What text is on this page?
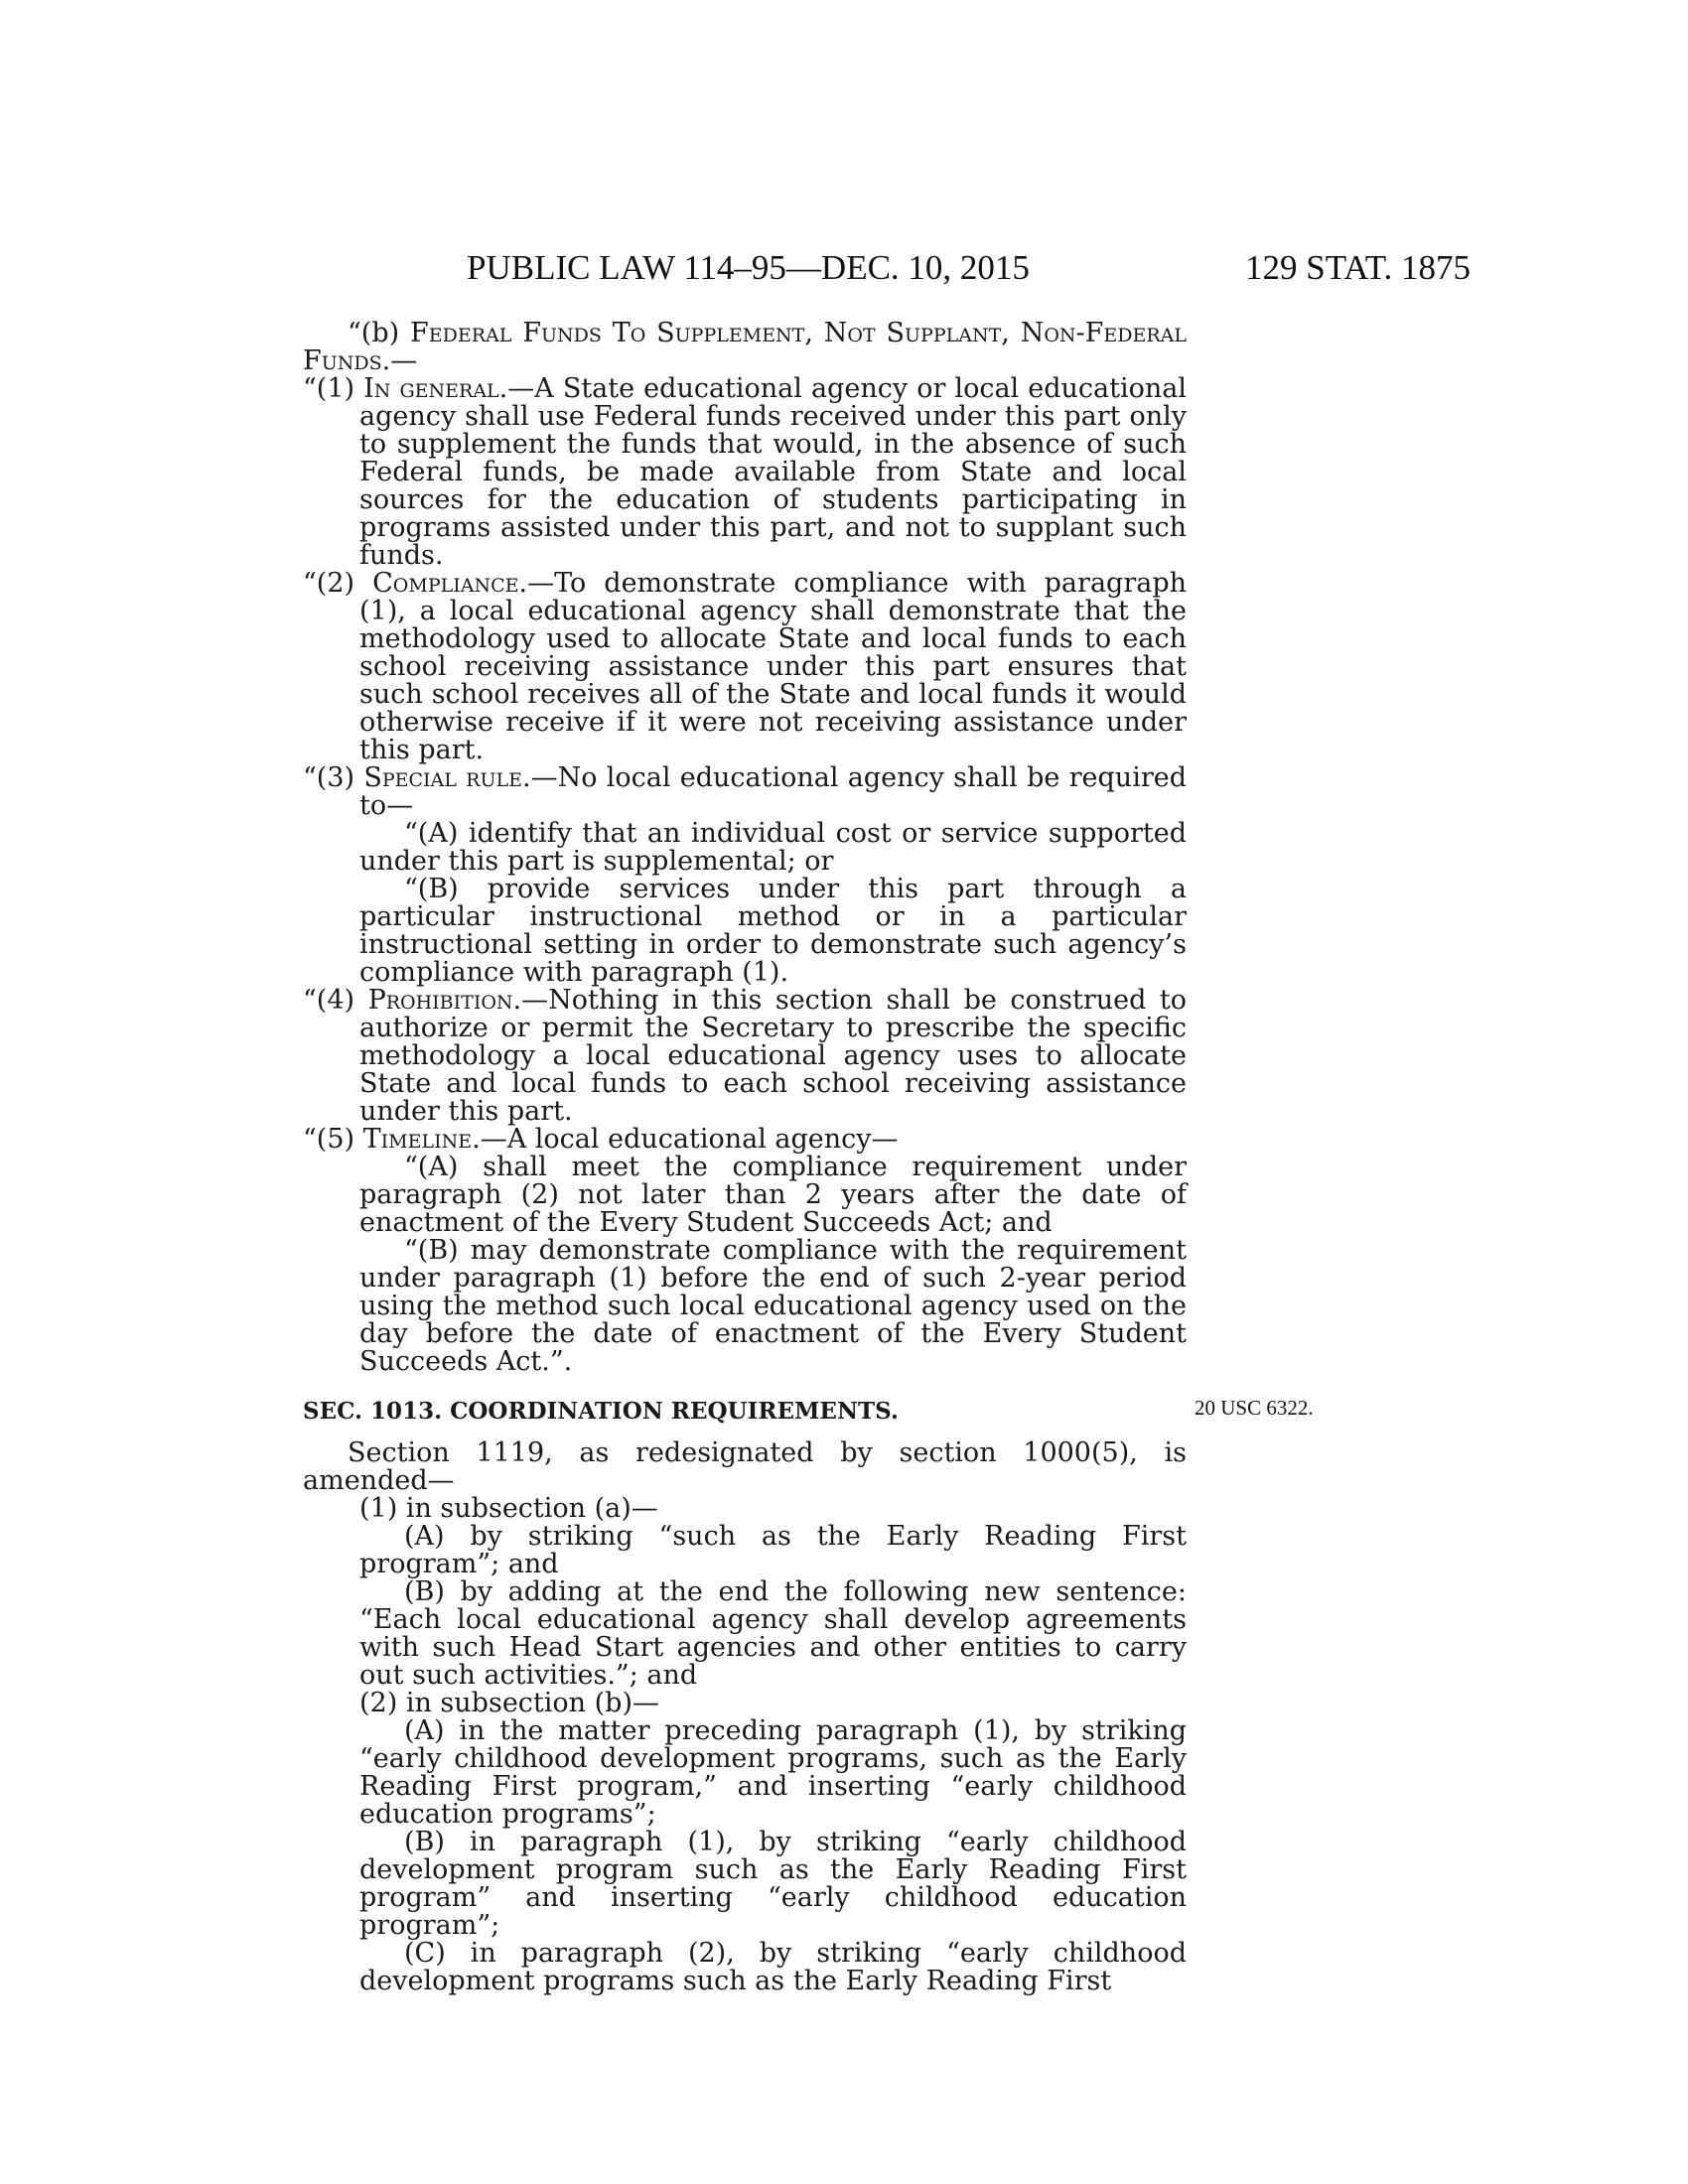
PUBLIC LAW 114–95—DEC. 10, 2015	129 STAT. 1875
20 USC 6322.

“(b) Federal Funds To Supplement, Not Supplant, Non-Federal Funds.—

“(1) In general.—A State educational agency or local educational agency shall use Federal funds received under this part only to supplement the funds that would, in the absence of such Federal funds, be made available from State and local sources for the education of students participating in programs assisted under this part, and not to supplant such funds.

“(2) Compliance.—To demonstrate compliance with paragraph (1), a local educational agency shall demonstrate that the methodology used to allocate State and local funds to each school receiving assistance under this part ensures that such school receives all of the State and local funds it would otherwise receive if it were not receiving assistance under this part.

“(3) Special rule.—No local educational agency shall be required to—

“(A) identify that an individual cost or service supported under this part is supplemental; or

“(B) provide services under this part through a particular instructional method or in a particular instructional setting in order to demonstrate such agency’s compliance with paragraph (1).

“(4) Prohibition.—Nothing in this section shall be construed to authorize or permit the Secretary to prescribe the specific methodology a local educational agency uses to allocate State and local funds to each school receiving assistance under this part.

“(5) Timeline.—A local educational agency—

“(A) shall meet the compliance requirement under paragraph (2) not later than 2 years after the date of enactment of the Every Student Succeeds Act; and

“(B) may demonstrate compliance with the requirement under paragraph (1) before the end of such 2-year period using the method such local educational agency used on the day before the date of enactment of the Every Student Succeeds Act.”.

SEC. 1013. COORDINATION REQUIREMENTS.

Section 1119, as redesignated by section 1000(5), is amended—

(1) in subsection (a)—

(A) by striking “such as the Early Reading First program”; and

(B) by adding at the end the following new sentence: “Each local educational agency shall develop agreements with such Head Start agencies and other entities to carry out such activities.”; and

(2) in subsection (b)—

(A) in the matter preceding paragraph (1), by striking “early childhood development programs, such as the Early Reading First program,” and inserting “early childhood education programs”;

(B) in paragraph (1), by striking “early childhood development program such as the Early Reading First program” and inserting “early childhood education program”;

(C) in paragraph (2), by striking “early childhood development programs such as the Early Reading First
